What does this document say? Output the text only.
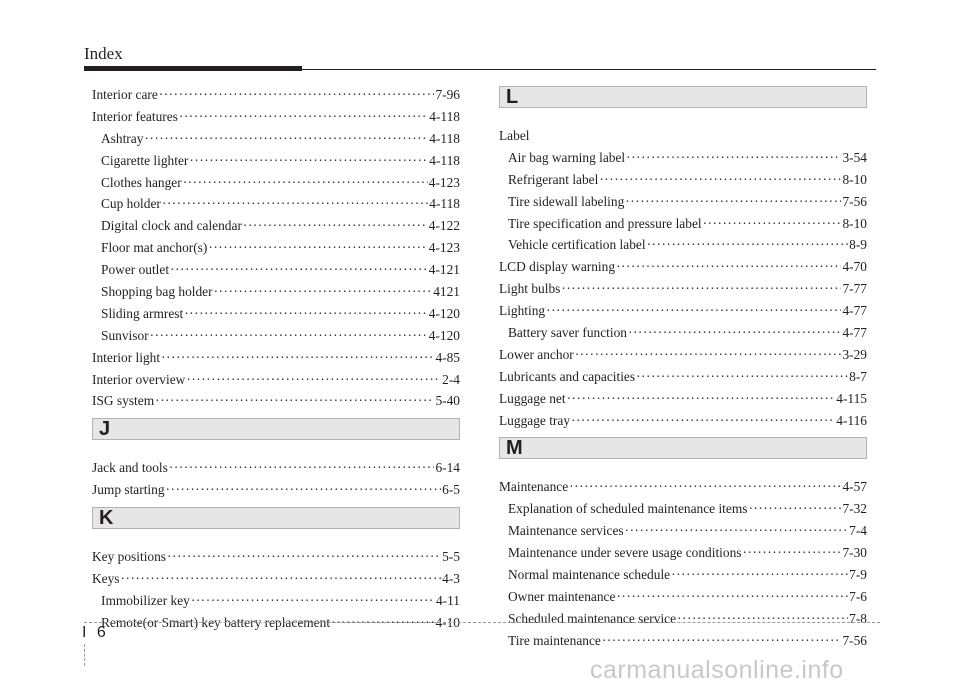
Index
Interior care ·····	7-96
Interior features ·····	4-118
Ashtray ·····	4-118
Cigarette lighter ·····	4-118
Clothes hanger ·····	4-123
Cup holder ·····	4-118
Digital clock and calendar ·····	4-122
Floor mat anchor(s) ·····	4-123
Power outlet ·····	4-121
Shopping bag holder ·····	4121
Sliding armrest ·····	4-120
Sunvisor ·····	4-120
Interior light ·····	4-85
Interior overview ·····	2-4
ISG system ·····	5-40
J
Jack and tools ·····	6-14
Jump starting ·····	6-5
K
Key positions ·····	5-5
Keys ·····	4-3
Immobilizer key ·····	4-11
Remote(or Smart) key battery replacement ·····	4-10
L
Label
Air bag warning label ·····	3-54
Refrigerant label ·····	8-10
Tire sidewall labeling ·····	7-56
Tire specification and pressure label ·····	8-10
Vehicle certification label ·····	8-9
LCD display warning ·····	4-70
Light bulbs ·····	7-77
Lighting ·····	4-77
Battery saver function ·····	4-77
Lower anchor ·····	3-29
Lubricants and capacities ·····	8-7
Luggage net ·····	4-115
Luggage tray ·····	4-116
M
Maintenance ·····	4-57
Explanation of scheduled maintenance items ·····	7-32
Maintenance services ·····	7-4
Maintenance under severe usage conditions ·····	7-30
Normal maintenance schedule ·····	7-9
Owner maintenance ·····	7-6
Scheduled maintenance service ·····	7-8
Tire maintenance ·····	7-56
I 6
carmanualsonline.info
